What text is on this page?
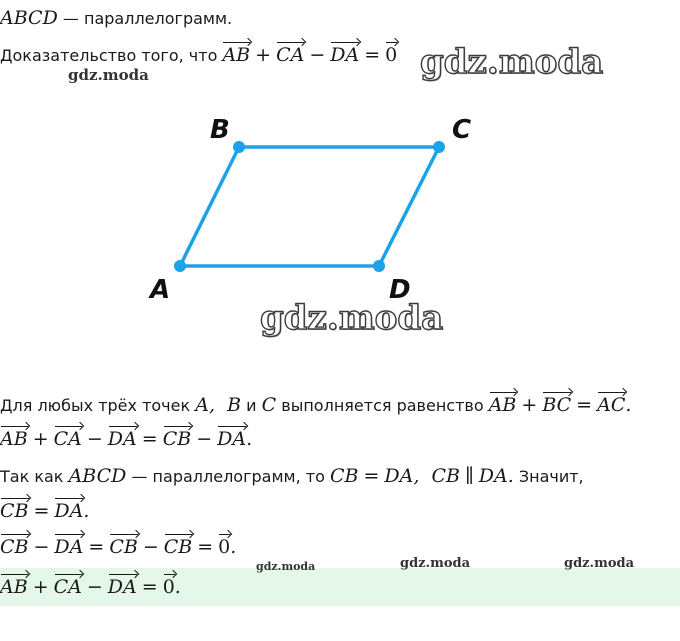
ABCD — параллелограмм.
Доказательство того, что AB + CA − DA = 0 gdz.moda
gdz.moda
gdz.moda
gdz.moda	gdz.moda	gdz.moda
A
B	C
D
Для любых трёх точек A,  B и C выполняется равенство AB + BC = AC.
AB + CA − DA = CB − DA.
Так как ABCD — параллелограмм, то CB = DA,  CB ∥ DA. Значит,
CB = DA.
CB − DA = CB − CB = 0.
AB + CA − DA = 0.
